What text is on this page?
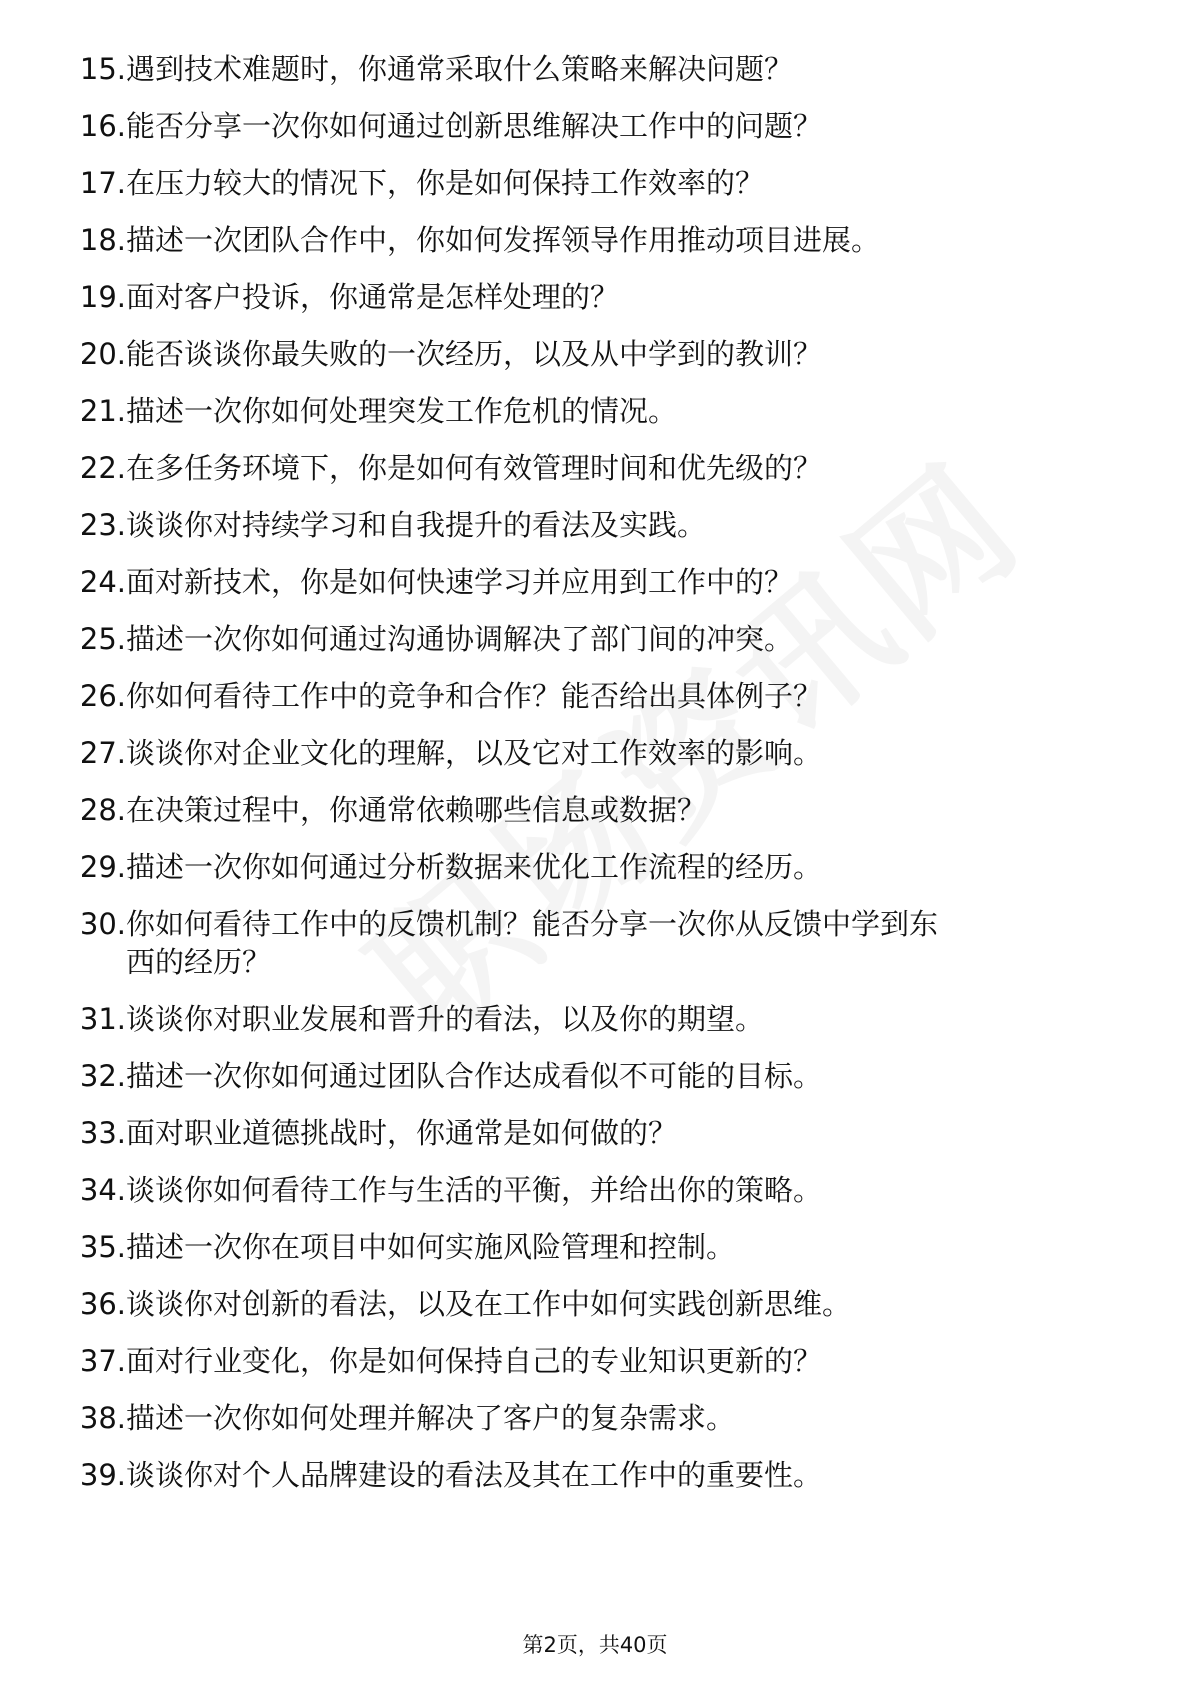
15. 遇到技术难题时，你通常采取什么策略来解决问题？
16. 能否分享一次你如何通过创新思维解决工作中的问题？
17. 在压力较大的情况下，你是如何保持工作效率的？
18. 描述一次团队合作中，你如何发挥领导作用推动项目进展。
19. 面对客户投诉，你通常是怎样处理的？
20. 能否谈谈你最失败的一次经历，以及从中学到的教训？
21. 描述一次你如何处理突发工作危机的情况。
22. 在多任务环境下，你是如何有效管理时间和优先级的？
23. 谈谈你对持续学习和自我提升的看法及实践。
24. 面对新技术，你是如何快速学习并应用到工作中的？
25. 描述一次你如何通过沟通协调解决了部门间的冲突。
26. 你如何看待工作中的竞争和合作？能否给出具体例子？
27. 谈谈你对企业文化的理解，以及它对工作效率的影响。
28. 在决策过程中，你通常依赖哪些信息或数据？
29. 描述一次你如何通过分析数据来优化工作流程的经历。
30. 你如何看待工作中的反馈机制？能否分享一次你从反馈中学到东
西的经历？
31. 谈谈你对职业发展和晋升的看法，以及你的期望。
32. 描述一次你如何通过团队合作达成看似不可能的目标。
33. 面对职业道德挑战时，你通常是如何做的？
34. 谈谈你如何看待工作与生活的平衡，并给出你的策略。
35. 描述一次你在项目中如何实施风险管理和控制。
36. 谈谈你对创新的看法，以及在工作中如何实践创新思维。
37. 面对行业变化，你是如何保持自己的专业知识更新的？
38. 描述一次你如何处理并解决了客户的复杂需求。
39. 谈谈你对个人品牌建设的看法及其在工作中的重要性。
第2页，共40页
